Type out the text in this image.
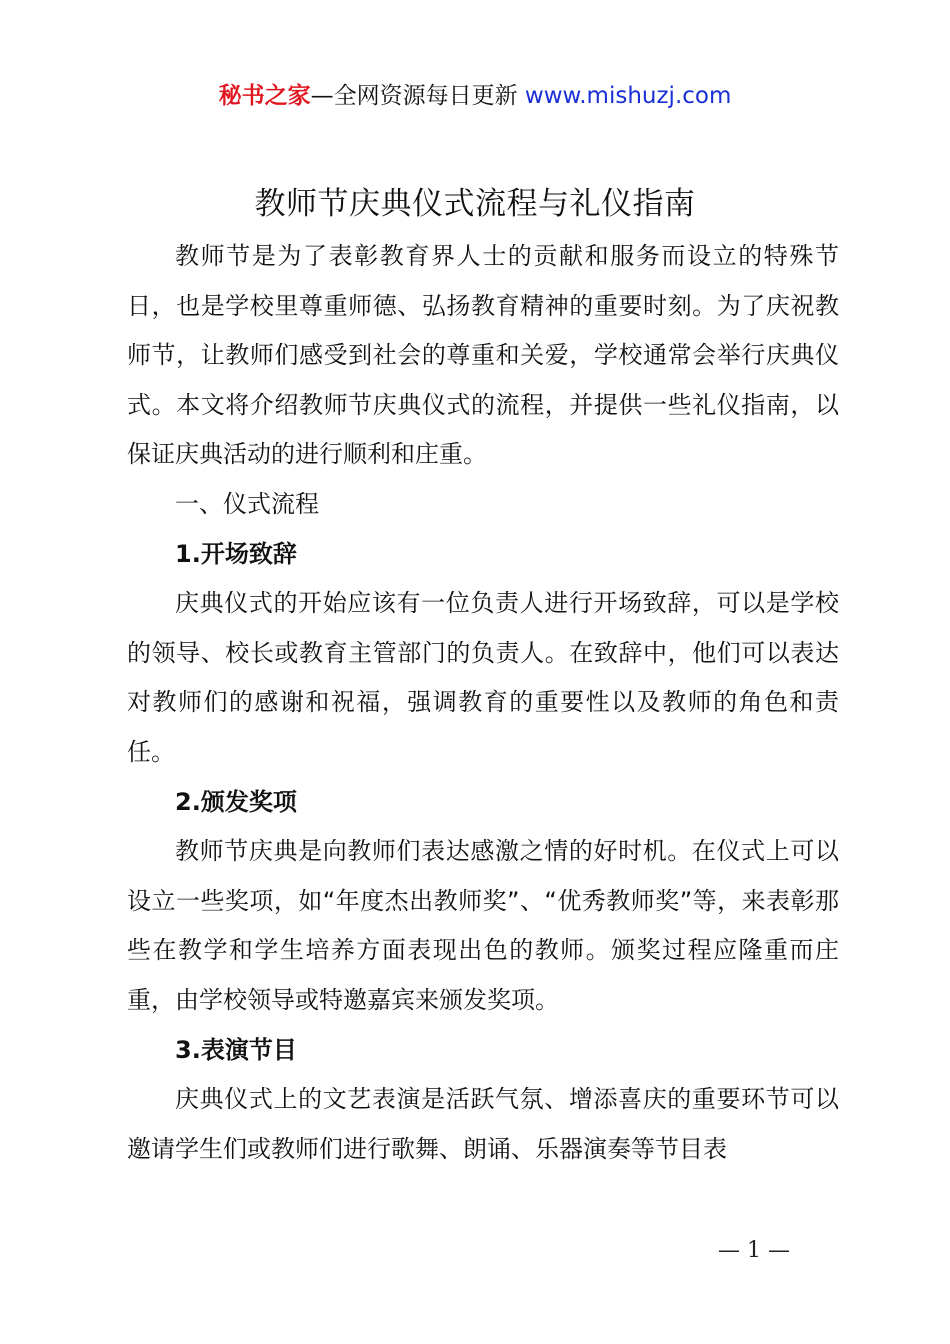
秘书之家—全网资源每日更新 www.mishuzj.com
教师节庆典仪式流程与礼仪指南

教师节是为了表彰教育界人士的贡献和服务而设立的特殊节日，也是学校里尊重师德、弘扬教育精神的重要时刻。为了庆祝教师节，让教师们感受到社会的尊重和关爱，学校通常会举行庆典仪式。本文将介绍教师节庆典仪式的流程，并提供一些礼仪指南，以保证庆典活动的进行顺利和庄重。

一、仪式流程

1.开场致辞

庆典仪式的开始应该有一位负责人进行开场致辞，可以是学校的领导、校长或教育主管部门的负责人。在致辞中，他们可以表达对教师们的感谢和祝福，强调教育的重要性以及教师的角色和责任。

2.颁发奖项

教师节庆典是向教师们表达感激之情的好时机。在仪式上可以设立一些奖项，如“年度杰出教师奖”、“优秀教师奖”等，来表彰那些在教学和学生培养方面表现出色的教师。颁奖过程应隆重而庄重，由学校领导或特邀嘉宾来颁发奖项。

3.表演节目

庆典仪式上的文艺表演是活跃气氛、增添喜庆的重要环节可以邀请学生们或教师们进行歌舞、朗诵、乐器演奏等节目表

— 1 —
